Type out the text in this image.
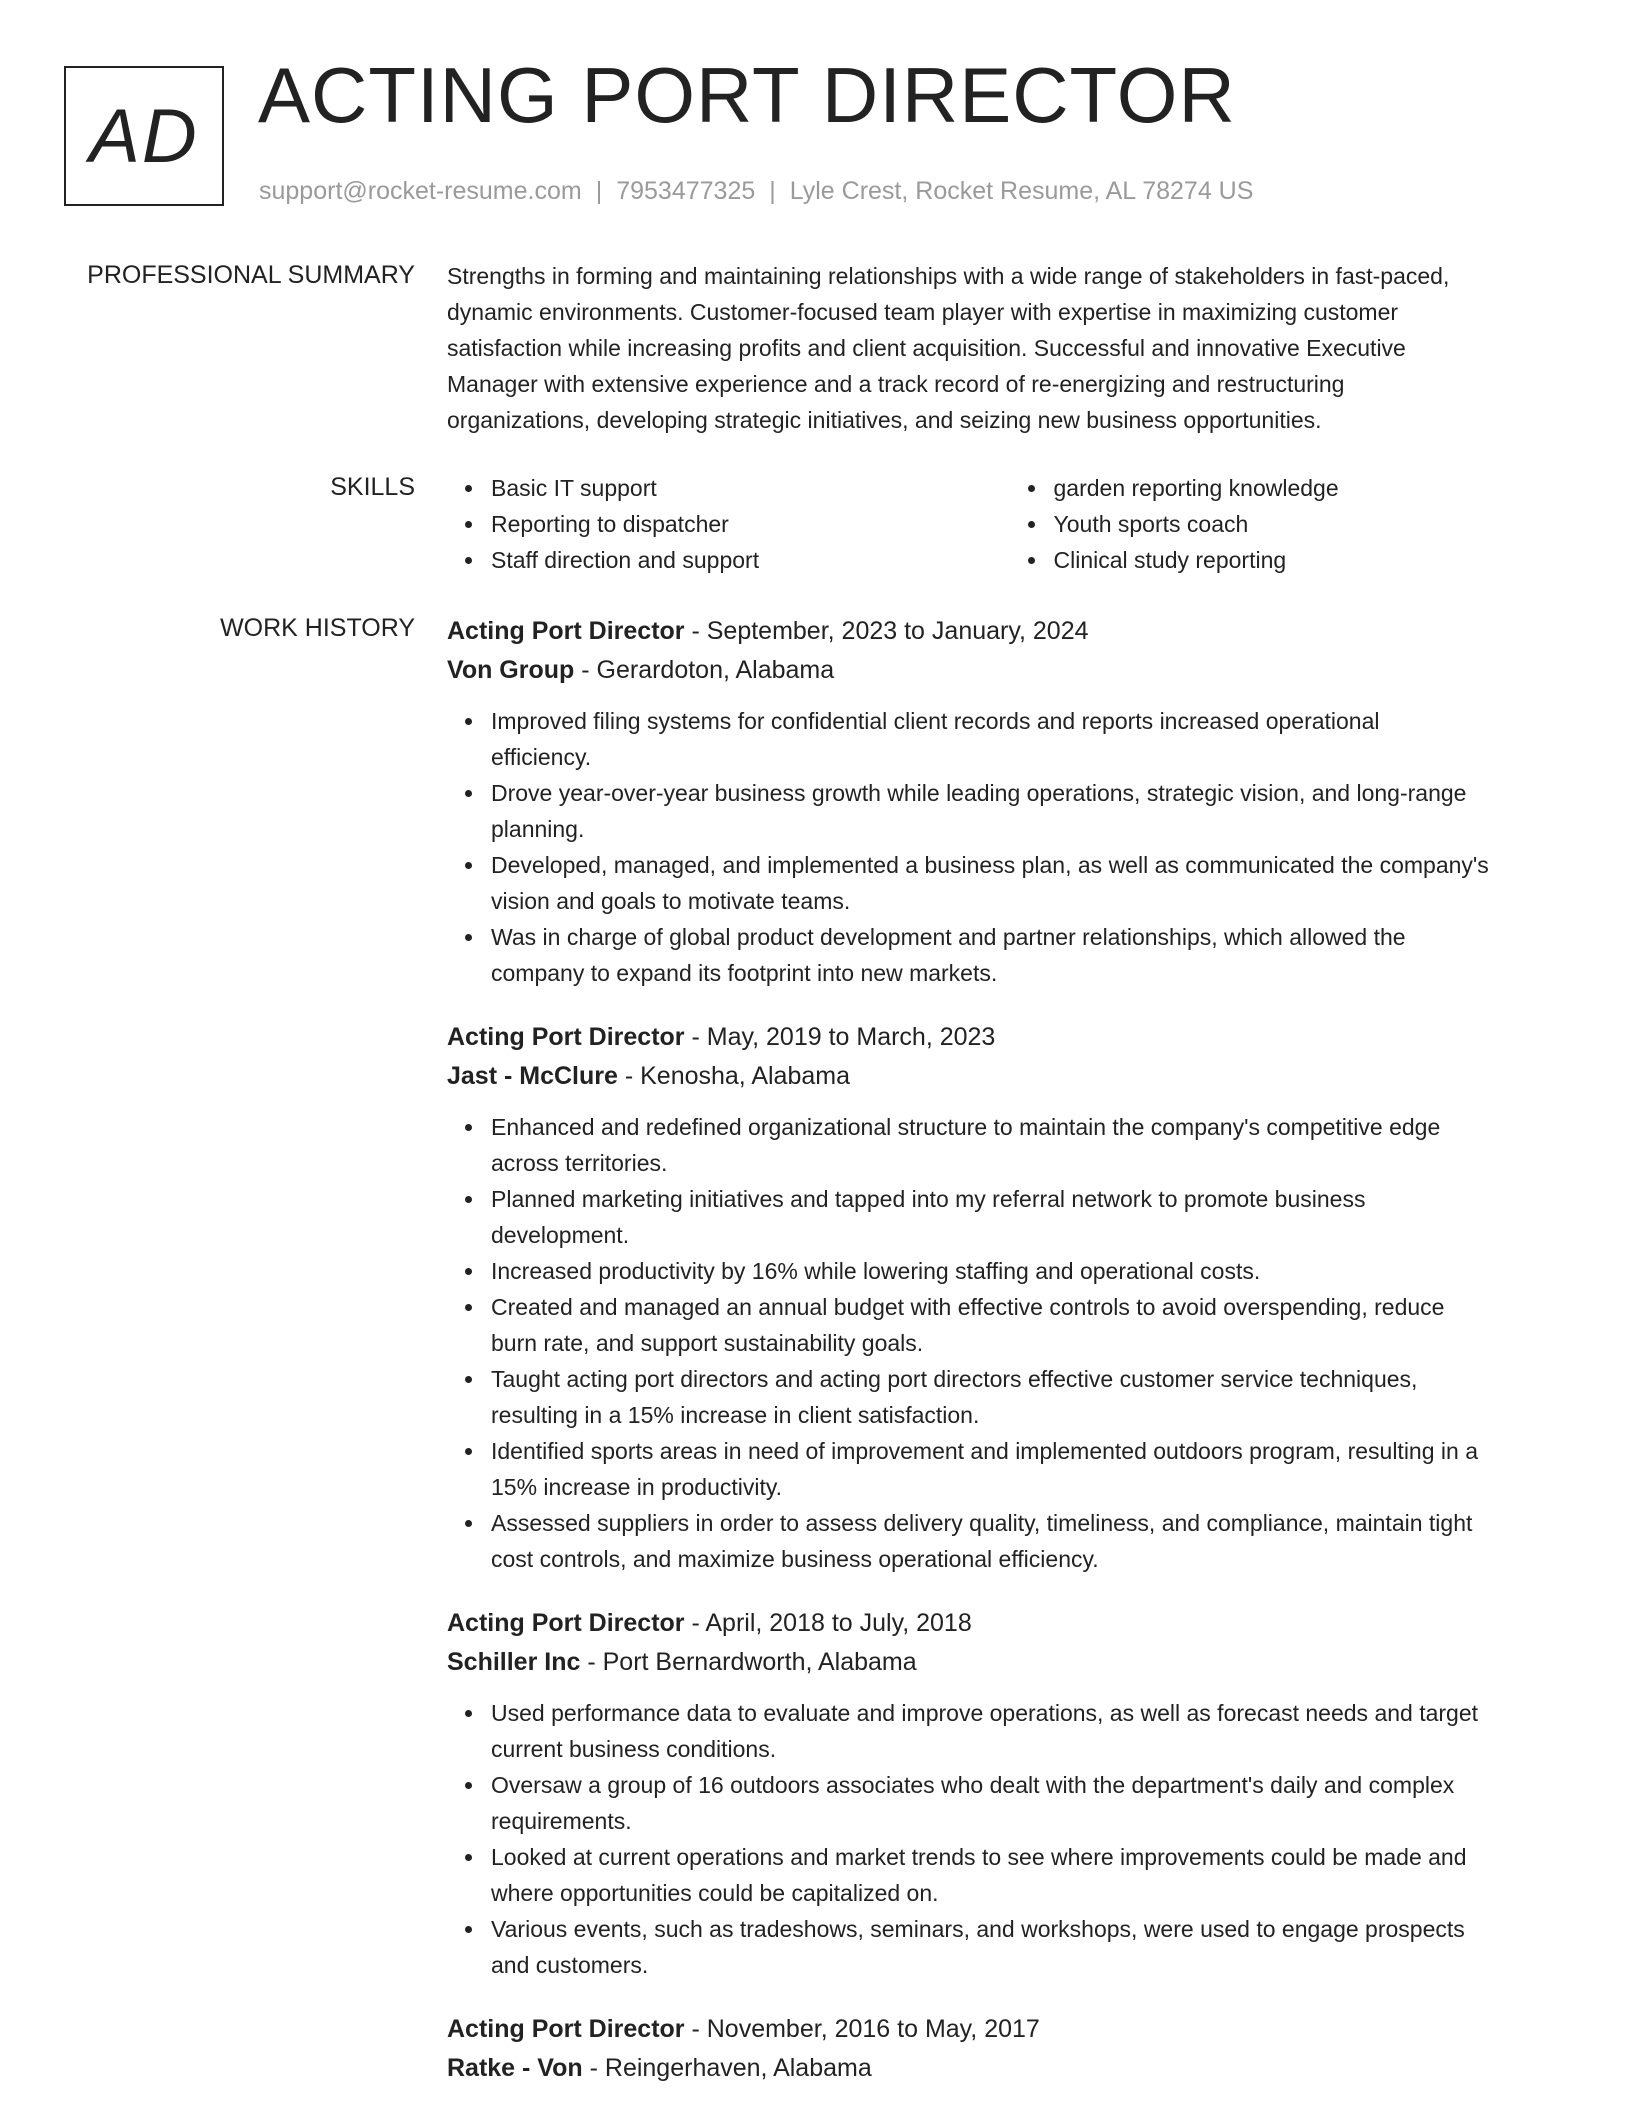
AD ACTING PORT DIRECTOR
support@rocket-resume.com | 7953477325 | Lyle Crest, Rocket Resume, AL 78274 US
PROFESSIONAL SUMMARY Strengths in forming and maintaining relationships with a wide range of stakeholders in fast-paced,
dynamic environments. Customer-focused team player with expertise in maximizing customer
satisfaction while increasing profits and client acquisition. Successful and innovative Executive
Manager with extensive experience and a track record of re-energizing and restructuring
organizations, developing strategic initiatives, and seizing new business opportunities.

SKILLS	Basic IT support
Reporting to dispatcher
Staff direction and support
garden reporting knowledge
Youth sports coach
Clinical study reporting
WORK HISTORY Acting Port Director - September, 2023 to January, 2024
Von Group - Gerardoton, Alabama
Improved filing systems for confidential client records and reports increased operational
efficiency.
Drove year-over-year business growth while leading operations, strategic vision, and long-range
planning.
Developed, managed, and implemented a business plan, as well as communicated the company's
vision and goals to motivate teams.
Was in charge of global product development and partner relationships, which allowed the
company to expand its footprint into new markets.
Acting Port Director - May, 2019 to March, 2023
Jast - McClure - Kenosha, Alabama
Enhanced and redefined organizational structure to maintain the company's competitive edge
across territories.
Planned marketing initiatives and tapped into my referral network to promote business
development.
Increased productivity by 16% while lowering staffing and operational costs.
Created and managed an annual budget with effective controls to avoid overspending, reduce
burn rate, and support sustainability goals.
Taught acting port directors and acting port directors effective customer service techniques,
resulting in a 15% increase in client satisfaction.
Identified sports areas in need of improvement and implemented outdoors program, resulting in a
15% increase in productivity.
Assessed suppliers in order to assess delivery quality, timeliness, and compliance, maintain tight
cost controls, and maximize business operational efficiency.
Acting Port Director - April, 2018 to July, 2018
Schiller Inc - Port Bernardworth, Alabama
Used performance data to evaluate and improve operations, as well as forecast needs and target
current business conditions.
Oversaw a group of 16 outdoors associates who dealt with the department's daily and complex
requirements.
Looked at current operations and market trends to see where improvements could be made and
where opportunities could be capitalized on.
Various events, such as tradeshows, seminars, and workshops, were used to engage prospects
and customers.
Acting Port Director - November, 2016 to May, 2017
Ratke - Von - Reingerhaven, Alabama
